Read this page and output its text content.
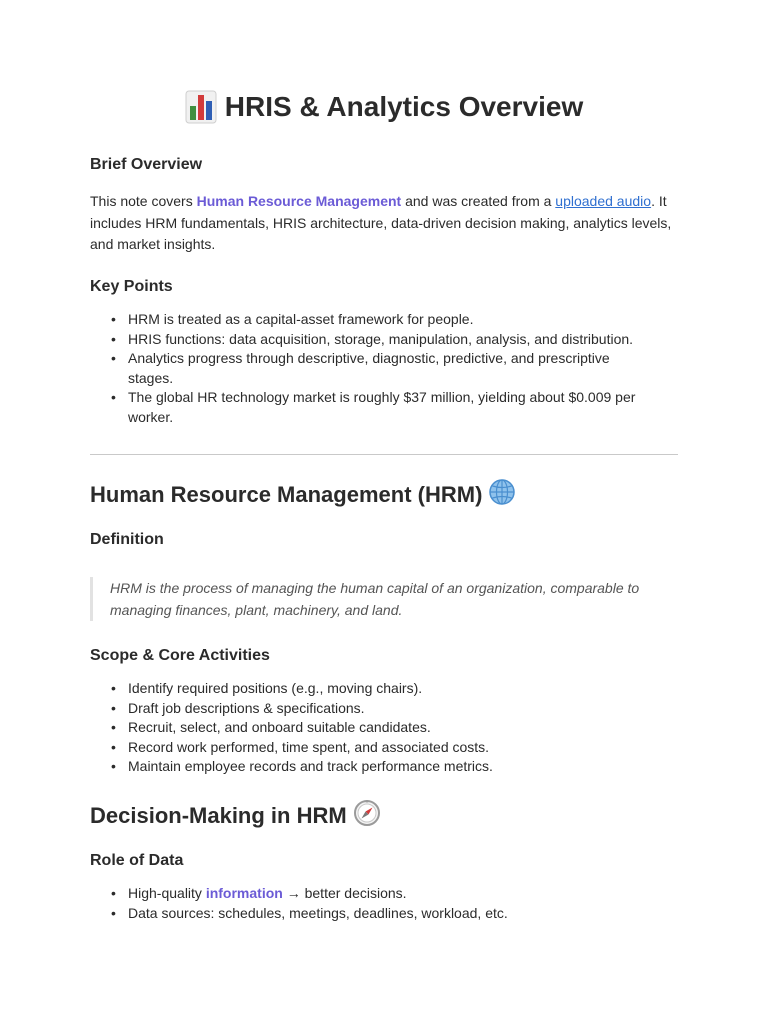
HRIS & Analytics Overview
Brief Overview

This note covers Human Resource Management and was created from a uploaded audio. It includes HRM fundamentals, HRIS architecture, data-driven decision making, analytics levels, and market insights.

Key Points
• HRM is treated as a capital-asset framework for people.
• HRIS functions: data acquisition, storage, manipulation, analysis, and distribution.
• Analytics progress through descriptive, diagnostic, predictive, and prescriptive stages.
• The global HR technology market is roughly $37 million, yielding about $0.009 per worker.
Human Resource Management (HRM)
Definition

HRM is the process of managing the human capital of an organization, comparable to managing finances, plant, machinery, and land.

Scope & Core Activities
• Identify required positions (e.g., moving chairs).
• Draft job descriptions & specifications.
• Recruit, select, and onboard suitable candidates.
• Record work performed, time spent, and associated costs.
• Maintain employee records and track performance metrics.
Decision-Making in HRM
Role of Data
• High-quality information → better decisions.
• Data sources: schedules, meetings, deadlines, workload, etc.
